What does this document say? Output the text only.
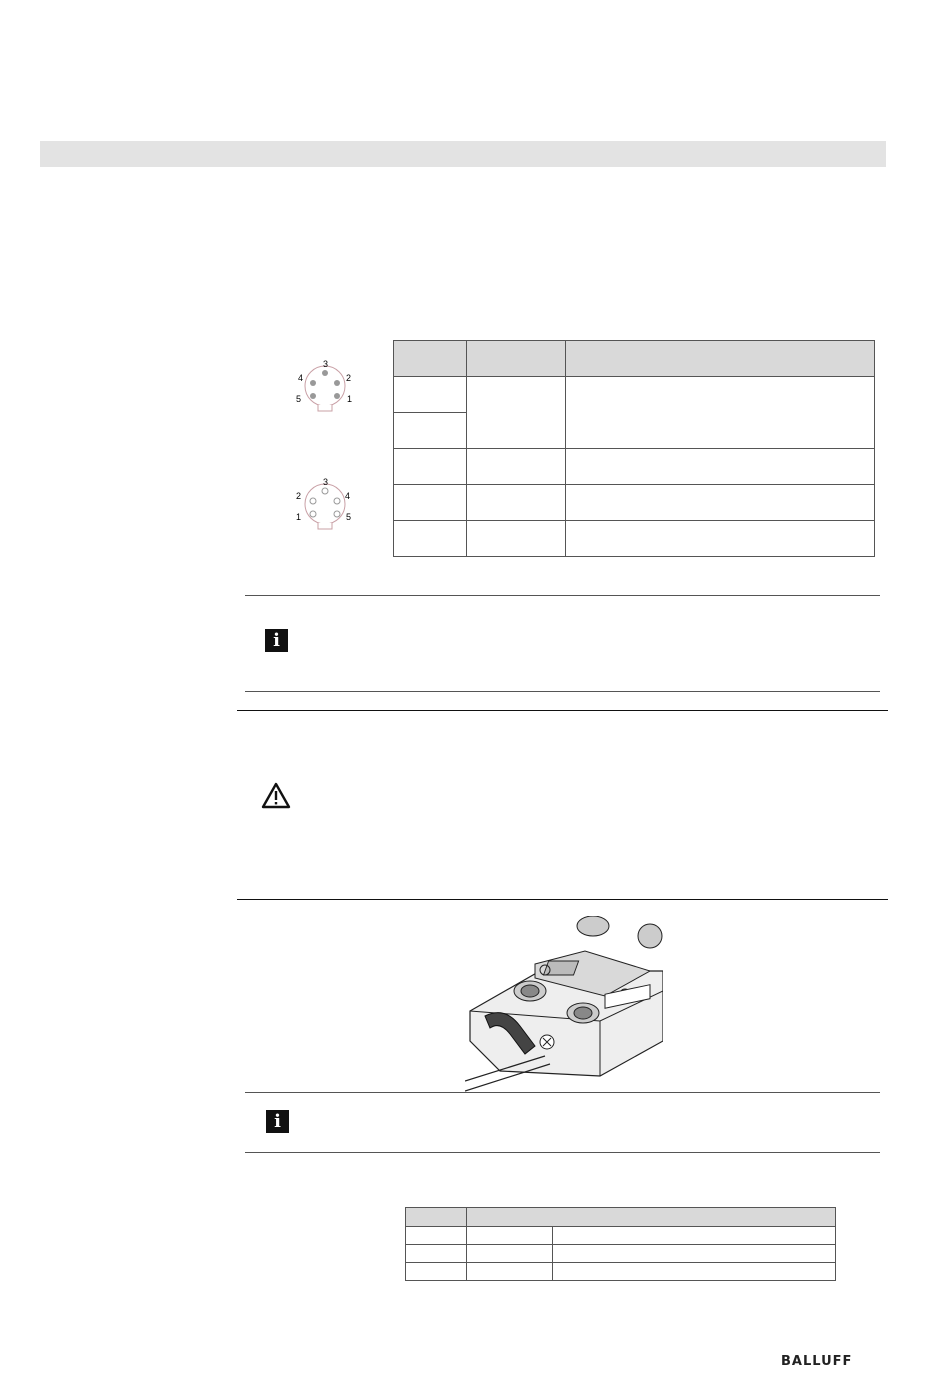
3
4	2
5	1
3
2	4
1	5

i
i

BALLUFF
